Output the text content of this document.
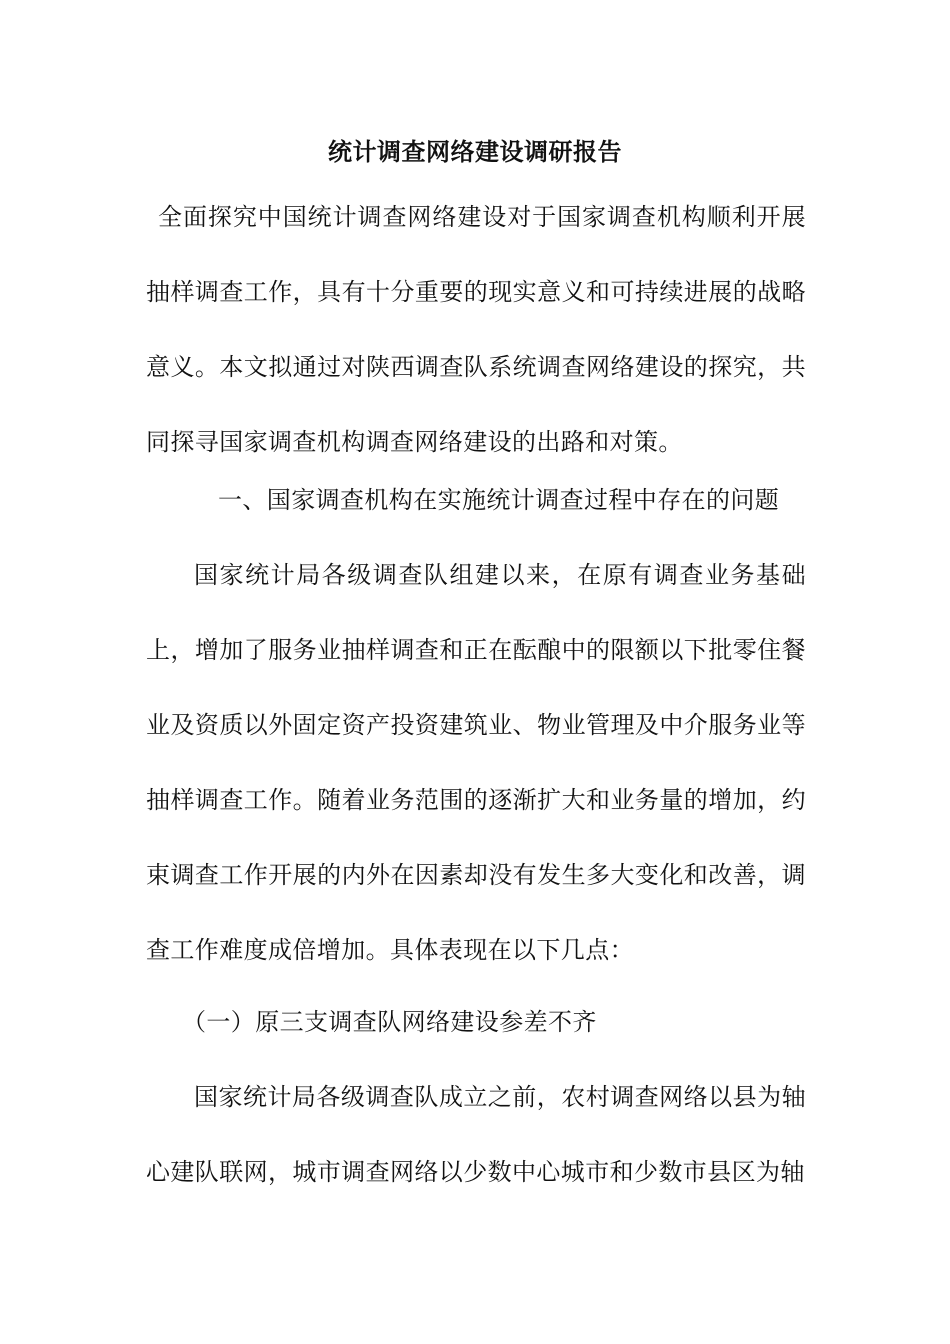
统计调查网络建设调研报告
全面探究中国统计调查网络建设对于国家调查机构顺利开展抽样调查工作，具有十分重要的现实意义和可持续进展的战略意义。本文拟通过对陕西调查队系统调查网络建设的探究，共同探寻国家调查机构调查网络建设的出路和对策。
一、国家调查机构在实施统计调查过程中存在的问题
国家统计局各级调查队组建以来，在原有调查业务基础上，增加了服务业抽样调查和正在酝酿中的限额以下批零住餐业及资质以外固定资产投资建筑业、物业管理及中介服务业等抽样调查工作。随着业务范围的逐渐扩大和业务量的增加，约束调查工作开展的内外在因素却没有发生多大变化和改善，调查工作难度成倍增加。具体表现在以下几点：
（一）原三支调查队网络建设参差不齐
国家统计局各级调查队成立之前，农村调查网络以县为轴心建队联网，城市调查网络以少数中心城市和少数市县区为轴
